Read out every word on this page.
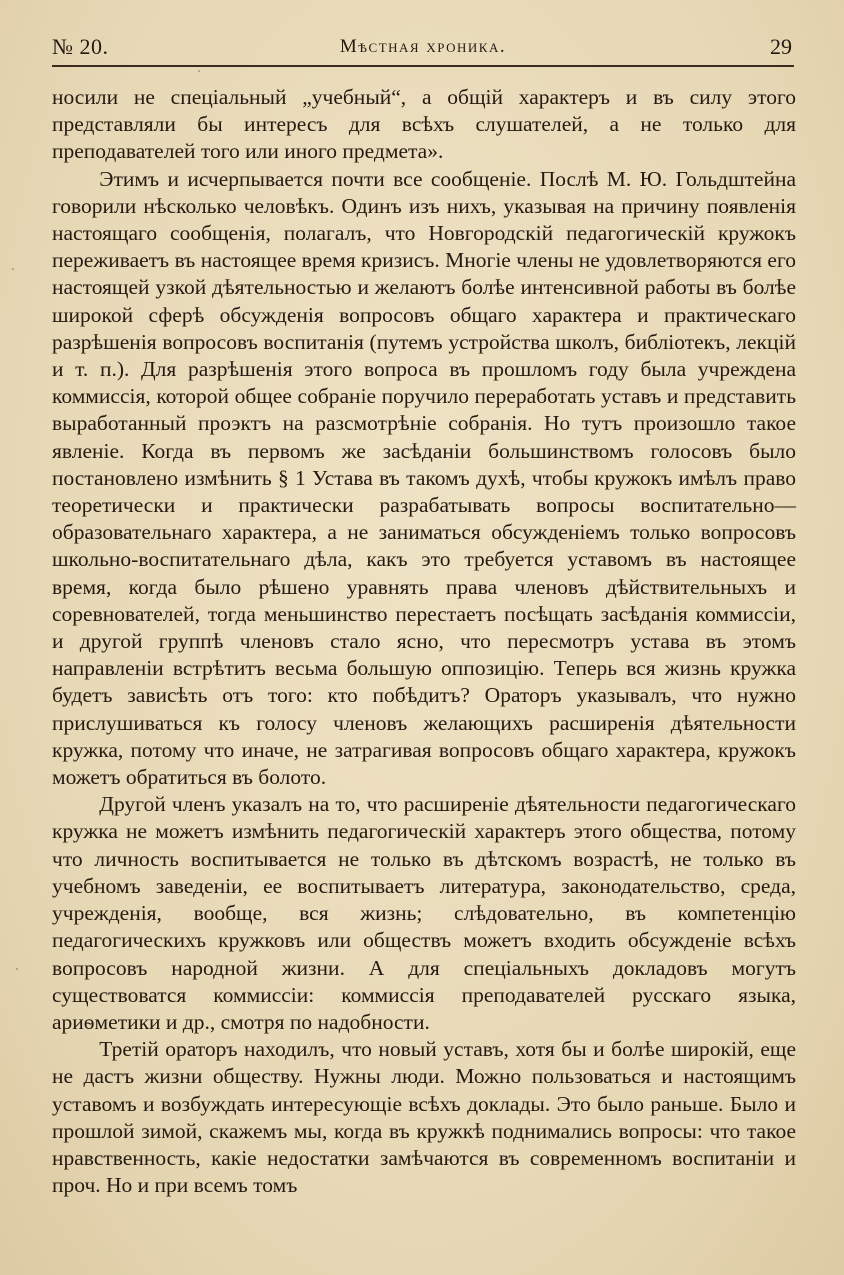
№ 20.	Мѣстная хроника.	29

носили не спеціальный „учебный“, а общій характеръ и въ силу этого представляли бы интересъ для всѣхъ слушателей, а не только для преподавателей того или иного предмета».

Этимъ и исчерпывается почти все сообщеніе. Послѣ М. Ю. Гольдштейна говорили нѣсколько человѣкъ. Одинъ изъ нихъ, указывая на причину появленія настоящаго сообщенія, полагалъ, что Новгородскій педагогическій кружокъ переживаетъ въ настоящее время кризисъ. Многіе члены не удовлетворяются его настоящей узкой дѣятельностью и желаютъ болѣе интенсивной работы въ болѣе широкой сферѣ обсужденія вопросовъ общаго характера и практическаго разрѣшенія вопросовъ воспитанія (путемъ устройства школъ, библіотекъ, лекцій и т. п.). Для разрѣшенія этого вопроса въ прошломъ году была учреждена коммиссія, которой общее собраніе поручило переработать уставъ и представить выработанный проэктъ на разсмотрѣніе собранія. Но тутъ произошло такое явленіе. Когда въ первомъ же засѣданіи большинствомъ голосовъ было постановлено измѣнить § 1 Устава въ такомъ духѣ, чтобы кружокъ имѣлъ право теоретически и практически разрабатывать вопросы воспитательно—образовательнаго характера, а не заниматься обсужденіемъ только вопросовъ школьно-воспитательнаго дѣла, какъ это требуется уставомъ въ настоящее время, когда было рѣшено уравнять права членовъ дѣйствительныхъ и соревнователей, тогда меньшинство перестаетъ посѣщать засѣданія коммиссіи, и другой группѣ членовъ стало ясно, что пересмотръ устава въ этомъ направленіи встрѣтитъ весьма большую оппозицію. Теперь вся жизнь кружка будетъ зависѣть отъ того: кто побѣдитъ? Ораторъ указывалъ, что нужно прислушиваться къ голосу членовъ желающихъ расширенія дѣятельности кружка, потому что иначе, не затрагивая вопросовъ общаго характера, кружокъ можетъ обратиться въ болото.

Другой членъ указалъ на то, что расширеніе дѣятельности педагогическаго кружка не можетъ измѣнить педагогическій характеръ этого общества, потому что личность воспитывается не только въ дѣтскомъ возрастѣ, не только въ учебномъ заведеніи, ее воспитываетъ литература, законодательство, среда, учрежденія, вообще, вся жизнь; слѣдовательно, въ компетенцію педагогическихъ кружковъ или обществъ можетъ входить обсужденіе всѣхъ вопросовъ народной жизни. А для спеціальныхъ докладовъ могутъ существоватся коммиссіи: коммиссія преподавателей русскаго языка, ариѳметики и др., смотря по надобности.

Третій ораторъ находилъ, что новый уставъ, хотя бы и болѣе широкій, еще не дастъ жизни обществу. Нужны люди. Можно пользоваться и настоящимъ уставомъ и возбуждать интересующіе всѣхъ доклады. Это было раньше. Было и прошлой зимой, скажемъ мы, когда въ кружкѣ поднимались вопросы: что такое нравственность, какіе недостатки замѣчаются въ современномъ воспитаніи и проч. Но и при всемъ томъ
